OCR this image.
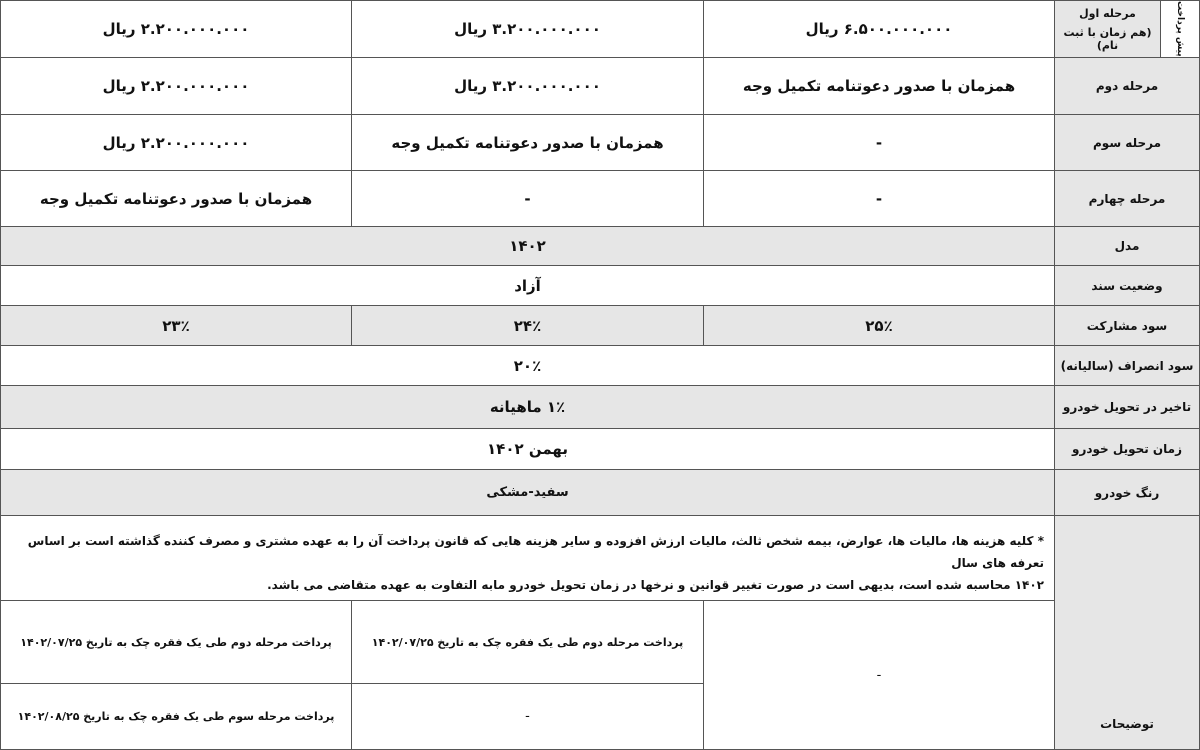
پیش پرداخت
مرحله اول
(هم زمان با ثبت نام)
۶.۵۰۰.۰۰۰.۰۰۰ ریال
۳.۲۰۰.۰۰۰.۰۰۰ ریال
۲.۲۰۰.۰۰۰.۰۰۰ ریال
مرحله دوم
همزمان با صدور دعوتنامه تکمیل وجه
۳.۲۰۰.۰۰۰.۰۰۰ ریال
۲.۲۰۰.۰۰۰.۰۰۰ ریال
مرحله سوم
-
همزمان با صدور دعوتنامه تکمیل وجه
۲.۲۰۰.۰۰۰.۰۰۰ ریال
مرحله چهارم
-
-
همزمان با صدور دعوتنامه تکمیل وجه
مدل
۱۴۰۲
وضعیت سند
آزاد
سود مشارکت
۲۵٪
۲۴٪
۲۳٪
سود انصراف (سالیانه)
۲۰٪
تاخیر در تحویل خودرو
۱٪ ماهیانه
زمان تحویل خودرو
بهمن ۱۴۰۲
رنگ خودرو
سفید-مشکی
توضیحات
* کلیه هزینه ها، مالیات ها، عوارض، بیمه شخص ثالث، مالیات ارزش افزوده و سایر هزینه هایی که قانون پرداخت آن را به عهده مشتری و مصرف کننده گذاشته است بر اساس تعرفه های سال
۱۴۰۲ محاسبه شده است، بدیهی است در صورت تغییر قوانین و نرخها در زمان تحویل خودرو مابه التفاوت به عهده متقاضی می باشد.
-
پرداخت مرحله دوم طی یک فقره چک به تاریخ ۱۴۰۲/۰۷/۲۵
-
پرداخت مرحله دوم طی یک فقره چک به تاریخ ۱۴۰۲/۰۷/۲۵
پرداخت مرحله سوم طی یک فقره چک به تاریخ ۱۴۰۲/۰۸/۲۵
